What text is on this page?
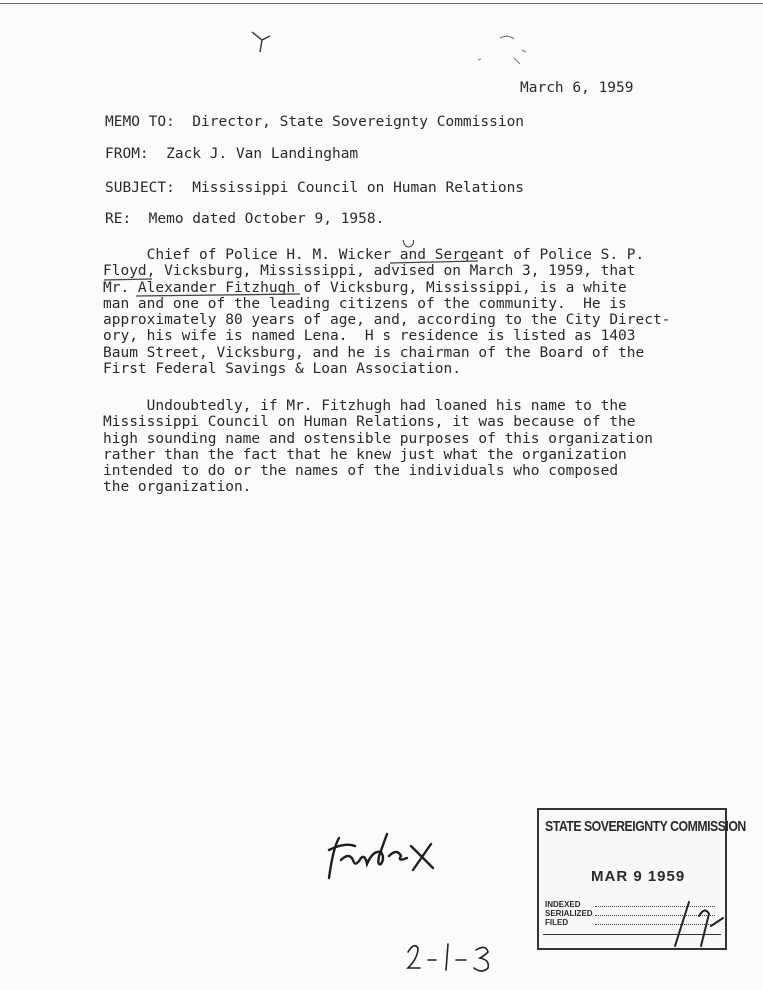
March 6, 1959
MEMO TO:  Director, State Sovereignty Commission
FROM:  Zack J. Van Landingham
SUBJECT:  Mississippi Council on Human Relations
RE:  Memo dated October 9, 1958.
Chief of Police H. M. Wicker and Sergeant of Police S. P.
Floyd, Vicksburg, Mississippi, advised on March 3, 1959, that
Mr. Alexander Fitzhugh of Vicksburg, Mississippi, is a white
man and one of the leading citizens of the community.  He is
approximately 80 years of age, and, according to the City Direct-
ory, his wife is named Lena.  H s residence is listed as 1403
Baum Street, Vicksburg, and he is chairman of the Board of the
First Federal Savings & Loan Association.
Undoubtedly, if Mr. Fitzhugh had loaned his name to the
Mississippi Council on Human Relations, it was because of the
high sounding name and ostensible purposes of this organization
rather than the fact that he knew just what the organization
intended to do or the names of the individuals who composed
the organization.
STATE SOVEREIGNTY COMMISSION
MAR 9 1959
INDEXED
SERIALIZED
FILED
